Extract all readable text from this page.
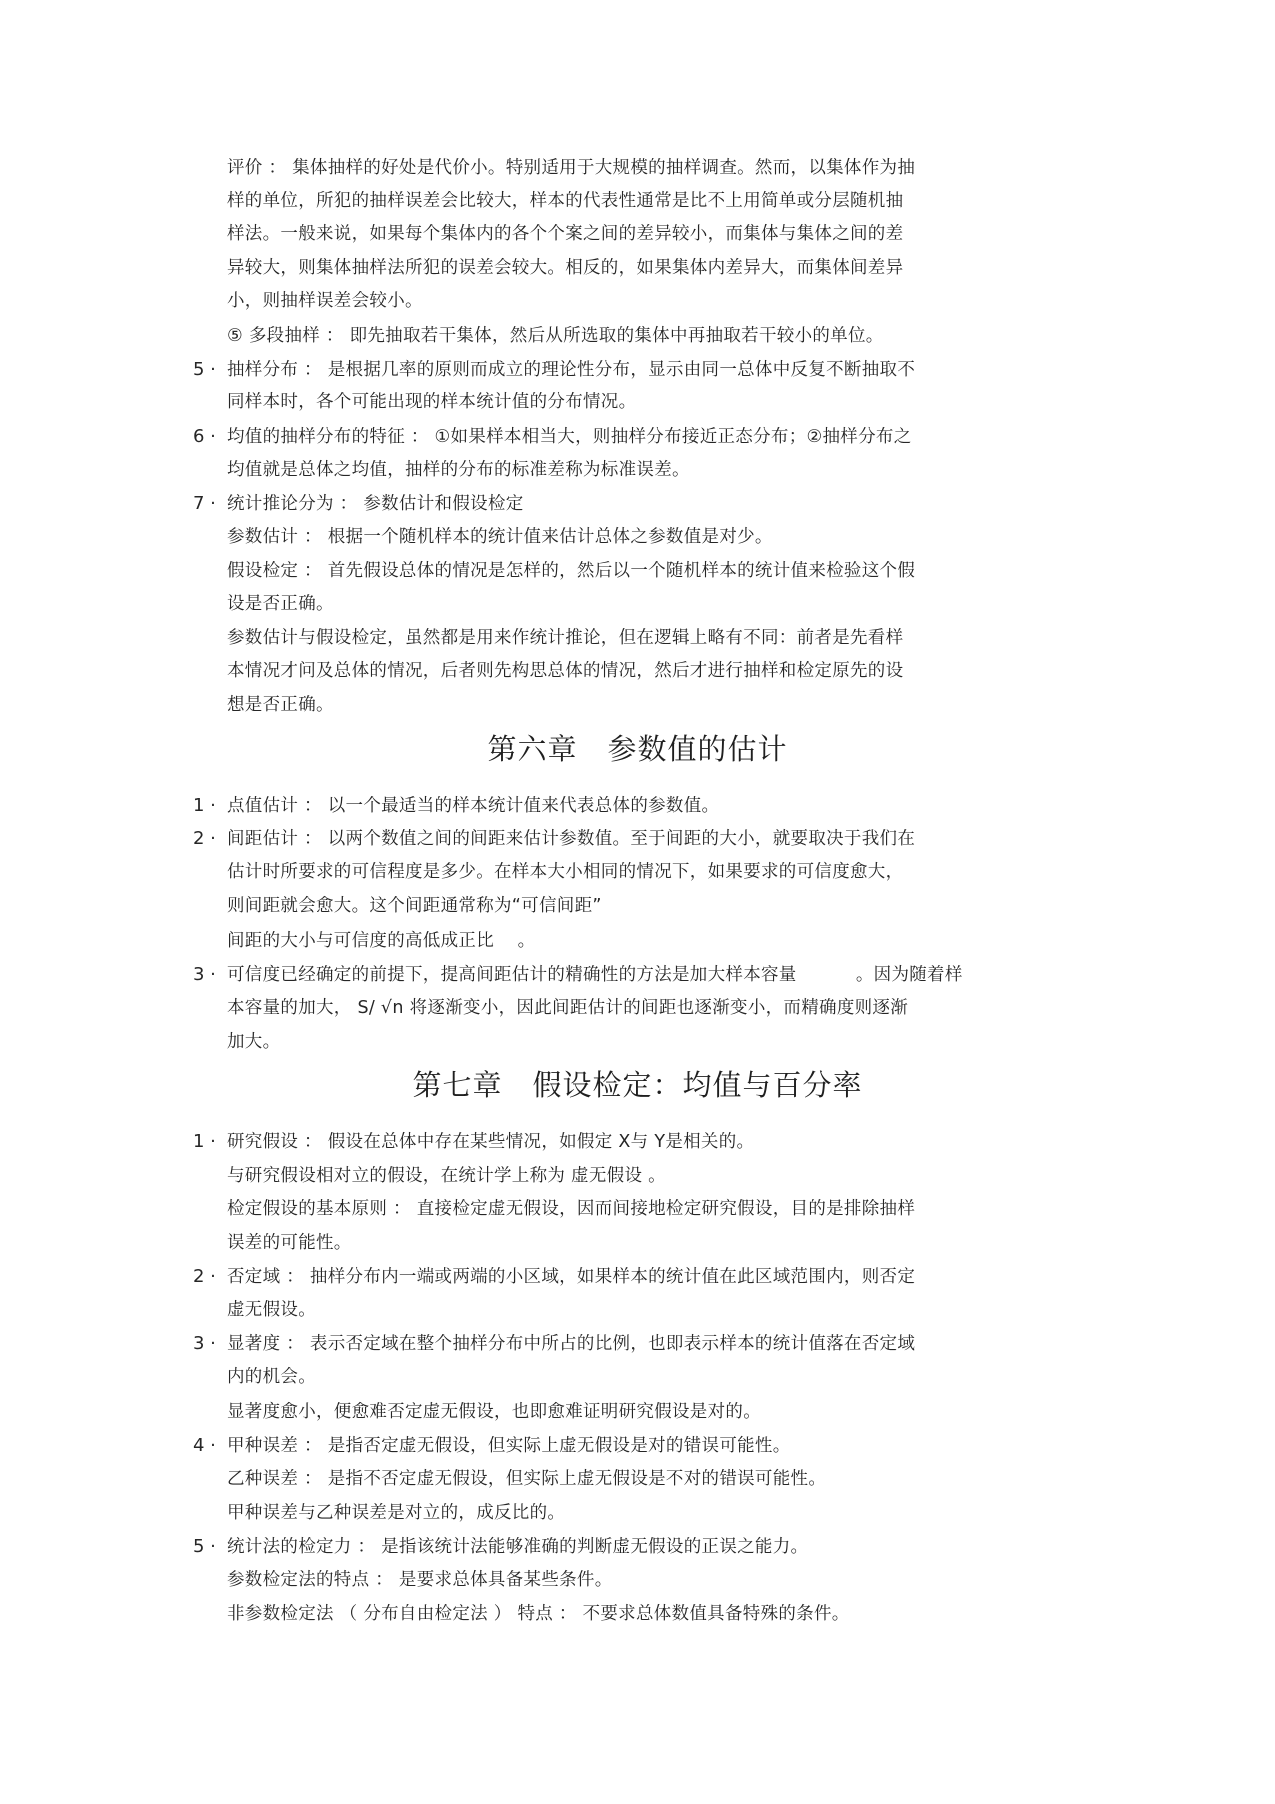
评价 ： 集体抽样的好处是代价小。特别适用于大规模的抽样调查。然而，以集体作为抽
样的单位，所犯的抽样误差会比较大，样本的代表性通常是比不上用简单或分层随机抽
样法。一般来说，如果每个集体内的各个个案之间的差异较小，而集体与集体之间的差
异较大，则集体抽样法所犯的误差会较大。相反的，如果集体内差异大，而集体间差异
小，则抽样误差会较小。
⑤ 多段抽样 ： 即先抽取若干集体，然后从所选取的集体中再抽取若干较小的单位。
5 · 抽样分布 ： 是根据几率的原则而成立的理论性分布，显示由同一总体中反复不断抽取不
同样本时，各个可能出现的样本统计值的分布情况。
6 · 均值的抽样分布的特征 ： ①如果样本相当大，则抽样分布接近正态分布；②抽样分布之
均值就是总体之均值，抽样的分布的标准差称为标准误差。
7 · 统计推论分为 ： 参数估计和假设检定
参数估计 ： 根据一个随机样本的统计值来估计总体之参数值是对少。
假设检定 ： 首先假设总体的情况是怎样的，然后以一个随机样本的统计值来检验这个假
设是否正确。
参数估计与假设检定，虽然都是用来作统计推论，但在逻辑上略有不同：前者是先看样
本情况才问及总体的情况，后者则先构思总体的情况，然后才进行抽样和检定原先的设
想是否正确。
第六章　参数值的估计
1 · 点值估计 ： 以一个最适当的样本统计值来代表总体的参数值。
2 · 间距估计 ： 以两个数值之间的间距来估计参数值。至于间距的大小，就要取决于我们在
估计时所要求的可信程度是多少。在样本大小相同的情况下，如果要求的可信度愈大，
则间距就会愈大。这个间距通常称为“可信间距”
间距的大小与可信度的高低成正比　 。
3 · 可信度已经确定的前提下，提高间距估计的精确性的方法是加大样本容量　　　 。因为随着样
本容量的加大， S/ √n 将逐渐变小，因此间距估计的间距也逐渐变小，而精确度则逐渐
加大。
第七章　假设检定：均值与百分率
1 · 研究假设 ： 假设在总体中存在某些情况，如假定 X与 Y是相关的。
与研究假设相对立的假设，在统计学上称为 虚无假设 。
检定假设的基本原则 ： 直接检定虚无假设，因而间接地检定研究假设，目的是排除抽样
误差的可能性。
2 · 否定域 ： 抽样分布内一端或两端的小区域，如果样本的统计值在此区域范围内，则否定
虚无假设。
3 · 显著度 ： 表示否定域在整个抽样分布中所占的比例，也即表示样本的统计值落在否定域
内的机会。
显著度愈小，便愈难否定虚无假设，也即愈难证明研究假设是对的。
4 · 甲种误差 ： 是指否定虚无假设，但实际上虚无假设是对的错误可能性。
乙种误差 ： 是指不否定虚无假设，但实际上虚无假设是不对的错误可能性。
甲种误差与乙种误差是对立的，成反比的。
5 · 统计法的检定力 ： 是指该统计法能够准确的判断虚无假设的正误之能力。
参数检定法的特点 ： 是要求总体具备某些条件。
非参数检定法 （ 分布自由检定法 ） 特点 ： 不要求总体数值具备特殊的条件。
